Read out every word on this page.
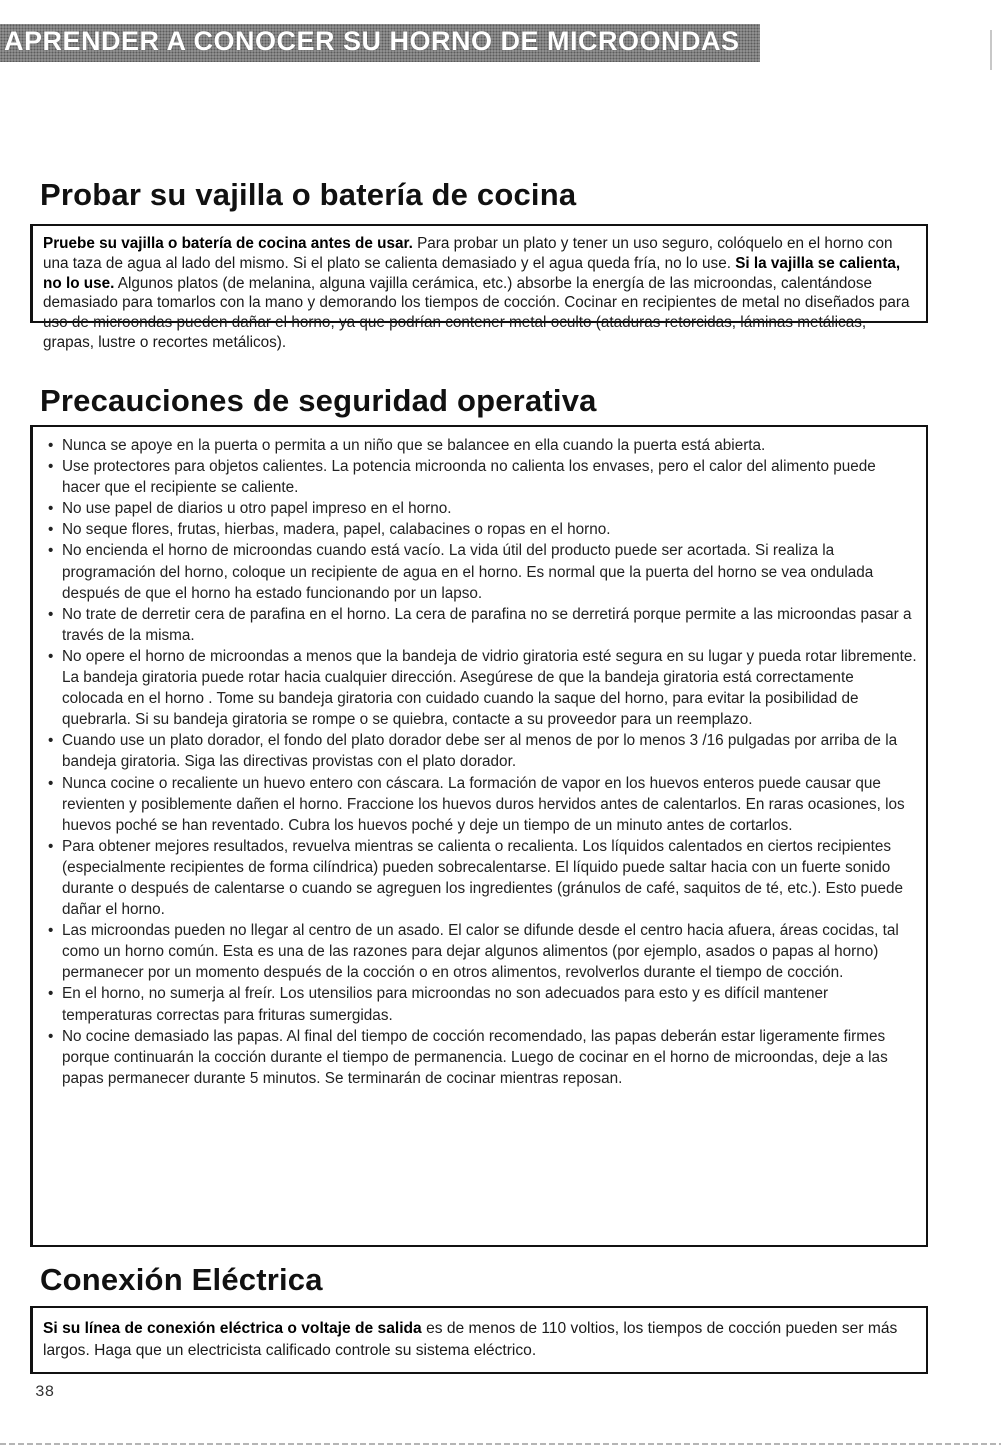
APRENDER A CONOCER SU HORNO DE MICROONDAS
Probar su vajilla o batería de cocina

Pruebe su vajilla o batería de cocina antes de usar. Para probar un plato y tener un uso seguro, colóquelo en el horno con una taza de agua al lado del mismo. Si el plato se calienta demasiado y el agua queda fría, no lo use. Si la vajilla se calienta, no lo use. Algunos platos (de melanina, alguna vajilla cerámica, etc.) absorbe la energía de las microondas, calentándose demasiado para tomarlos con la mano y demorando los tiempos de cocción. Cocinar en recipientes de metal no diseñados para uso de microondas pueden dañar el horno, ya que podrían contener metal oculto (ataduras retorcidas, láminas metálicas, grapas, lustre o recortes metálicos).

Precauciones de seguridad operativa
• Nunca se apoye en la puerta o permita a un niño que se balancee en ella cuando la puerta está abierta.
• Use protectores para objetos calientes. La potencia microonda no calienta los envases, pero el calor del alimento puede hacer que el recipiente se caliente.
• No use papel de diarios u otro papel impreso en el horno.
• No seque flores, frutas, hierbas, madera, papel, calabacines o ropas en el horno.
• No encienda el horno de microondas cuando está vacío. La vida útil del producto puede ser acortada. Si realiza la programación del horno, coloque un recipiente de agua en el horno. Es normal que la puerta del horno se vea ondulada después de que el horno ha estado funcionando por un lapso.
• No trate de derretir cera de parafina en el horno. La cera de parafina no se derretirá porque permite a las microondas pasar a través de la misma.
• No opere el horno de microondas a menos que la bandeja de vidrio giratoria esté segura en su lugar y pueda rotar libremente. La bandeja giratoria puede rotar hacia cualquier dirección. Asegúrese de que la bandeja giratoria está correctamente colocada en el horno . Tome su bandeja giratoria con cuidado cuando la saque del horno, para evitar la posibilidad de quebrarla. Si su bandeja giratoria se rompe o se quiebra, contacte a su proveedor para un reemplazo.
• Cuando use un plato dorador, el fondo del plato dorador debe ser al menos de por lo menos 3 /16 pulgadas por arriba de la bandeja giratoria. Siga las directivas provistas con el plato dorador.
• Nunca cocine o recaliente un huevo entero con cáscara. La formación de vapor en los huevos enteros puede causar que revienten y posiblemente dañen el horno. Fraccione los huevos duros hervidos antes de calentarlos. En raras ocasiones, los huevos poché se han reventado. Cubra los huevos poché y deje un tiempo de un minuto antes de cortarlos.
• Para obtener mejores resultados, revuelva mientras se calienta o recalienta. Los líquidos calentados en ciertos recipientes (especialmente recipientes de forma cilíndrica) pueden sobrecalentarse. El líquido puede saltar hacia con un fuerte sonido durante o después de calentarse o cuando se agreguen los ingredientes (gránulos de café, saquitos de té, etc.). Esto puede dañar el horno.
• Las microondas pueden no llegar al centro de un asado. El calor se difunde desde el centro hacia afuera, áreas cocidas, tal como un horno común. Esta es una de las razones para dejar algunos alimentos (por ejemplo, asados o papas al horno) permanecer por un momento después de la cocción o en otros alimentos, revolverlos durante el tiempo de cocción.
• En el horno, no sumerja al freír. Los utensilios para microondas no son adecuados para esto y es difícil mantener temperaturas correctas para frituras sumergidas.
• No cocine demasiado las papas. Al final del tiempo de cocción recomendado, las papas deberán estar ligeramente firmes porque continuarán la cocción durante el tiempo de permanencia. Luego de cocinar en el horno de microondas, deje a las papas permanecer durante 5 minutos. Se terminarán de cocinar mientras reposan.
Conexión Eléctrica

Si su línea de conexión eléctrica o voltaje de salida es de menos de 110 voltios, los tiempos de cocción pueden ser más largos. Haga que un electricista calificado controle su sistema eléctrico.

38
